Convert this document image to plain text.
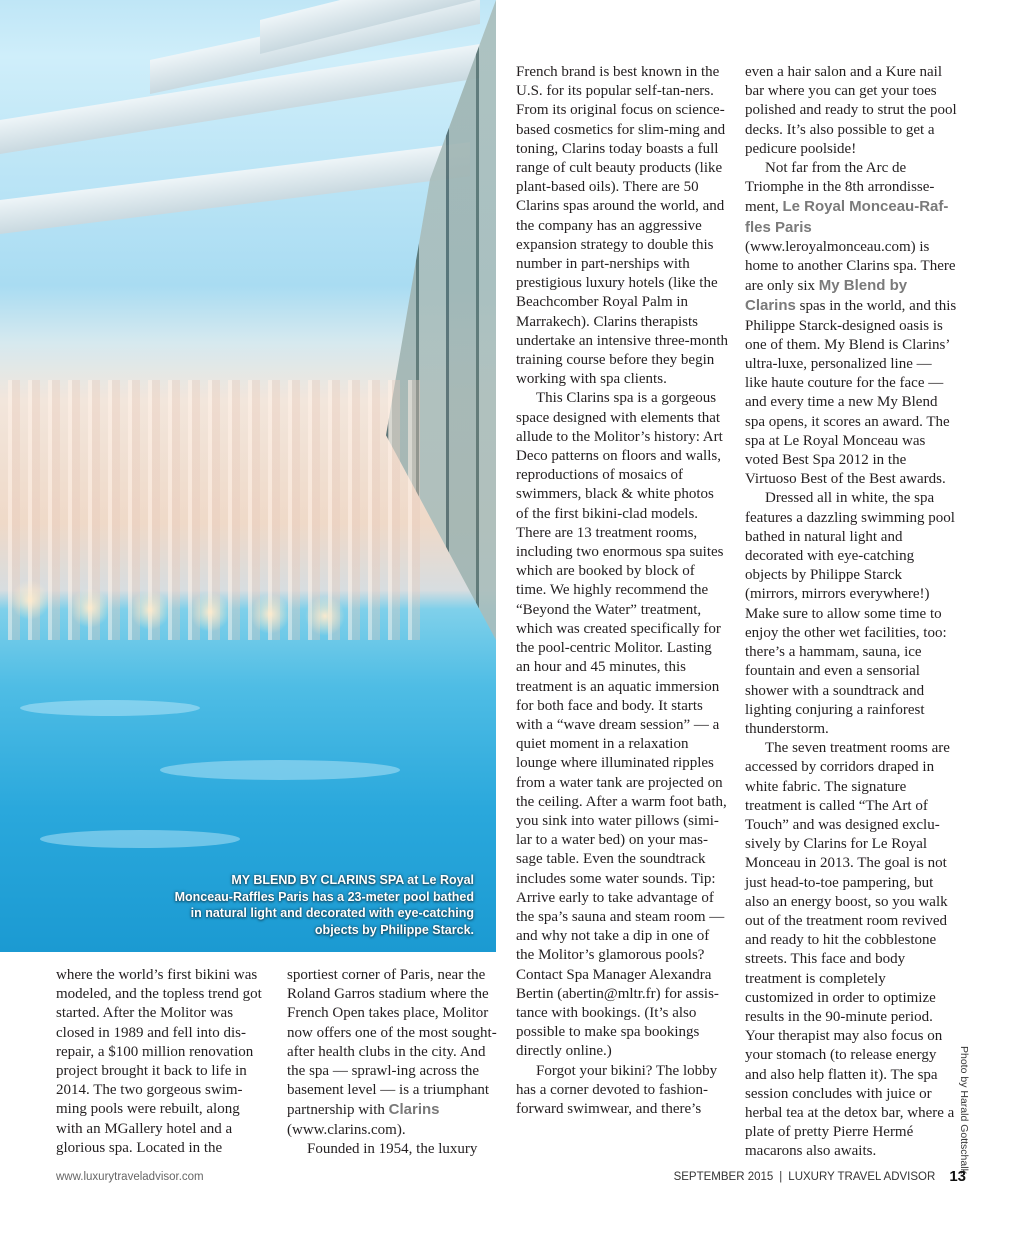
MY BLEND BY CLARINS SPA at Le Royal Monceau-Raffles Paris has a 23-meter pool bathed in natural light and decorated with eye-catching objects by Philippe Starck.

where the world’s first bikini was modeled, and the topless trend got started. After the Molitor was closed in 1989 and fell into dis-repair, a $100 million renovation project brought it back to life in 2014. The two gorgeous swim-ming pools were rebuilt, along with an MGallery hotel and a glorious spa. Located in the

sportiest corner of Paris, near the Roland Garros stadium where the French Open takes place, Molitor now offers one of the most sought-after health clubs in the city. And the spa — sprawl-ing across the basement level — is a triumphant partnership with Clarins (www.clarins.com).

Founded in 1954, the luxury

French brand is best known in the U.S. for its popular self-tan-ners. From its original focus on science-based cosmetics for slim-ming and toning, Clarins today boasts a full range of cult beauty products (like plant-based oils). There are 50 Clarins spas around the world, and the company has an aggressive expansion strategy to double this number in part-nerships with prestigious luxury hotels (like the Beachcomber Royal Palm in Marrakech). Clarins therapists undertake an intensive three-month training course before they begin working with spa clients.

This Clarins spa is a gorgeous space designed with elements that allude to the Molitor’s history: Art Deco patterns on floors and walls, reproductions of mosaics of swimmers, black & white photos of the first bikini-clad models. There are 13 treatment rooms, including two enormous spa suites which are booked by block of time. We highly recommend the “Beyond the Water” treatment, which was created specifically for the pool-centric Molitor. Lasting an hour and 45 minutes, this treatment is an aquatic immersion for both face and body. It starts with a “wave dream session” — a quiet moment in a relaxation lounge where illuminated ripples from a water tank are projected on the ceiling. After a warm foot bath, you sink into water pillows (simi-lar to a water bed) on your mas-sage table. Even the soundtrack includes some water sounds. Tip: Arrive early to take advantage of the spa’s sauna and steam room — and why not take a dip in one of the Molitor’s glamorous pools? Contact Spa Manager Alexandra Bertin (abertin@mltr.fr) for assis-tance with bookings. (It’s also possible to make spa bookings directly online.)

Forgot your bikini? The lobby has a corner devoted to fashion-forward swimwear, and there’s

even a hair salon and a Kure nail bar where you can get your toes polished and ready to strut the pool decks. It’s also possible to get a pedicure poolside!

Not far from the Arc de Triomphe in the 8th arrondisse-ment, Le Royal Monceau-Raf-fles Paris (www.leroyalmonceau.com) is home to another Clarins spa. There are only six My Blend by Clarins spas in the world, and this Philippe Starck-designed oasis is one of them. My Blend is Clarins’ ultra-luxe, personalized line — like haute couture for the face — and every time a new My Blend spa opens, it scores an award. The spa at Le Royal Monceau was voted Best Spa 2012 in the Virtuoso Best of the Best awards.

Dressed all in white, the spa features a dazzling swimming pool bathed in natural light and decorated with eye-catching objects by Philippe Starck (mirrors, mirrors everywhere!) Make sure to allow some time to enjoy the other wet facilities, too: there’s a hammam, sauna, ice fountain and even a sensorial shower with a soundtrack and lighting conjuring a rainforest thunderstorm.

The seven treatment rooms are accessed by corridors draped in white fabric. The signature treatment is called “The Art of Touch” and was designed exclu-sively by Clarins for Le Royal Monceau in 2013. The goal is not just head-to-toe pampering, but also an energy boost, so you walk out of the treatment room revived and ready to hit the cobblestone streets. This face and body treatment is completely customized in order to optimize results in the 90-minute period. Your therapist may also focus on your stomach (to release energy and also help flatten it). The spa session concludes with juice or herbal tea at the detox bar, where a plate of pretty Pierre Hermé macarons also awaits.	Photo by Harald Gottschalk
www.luxurytraveladvisor.com	SEPTEMBER 2015 | LUXURY TRAVEL ADVISOR 13
